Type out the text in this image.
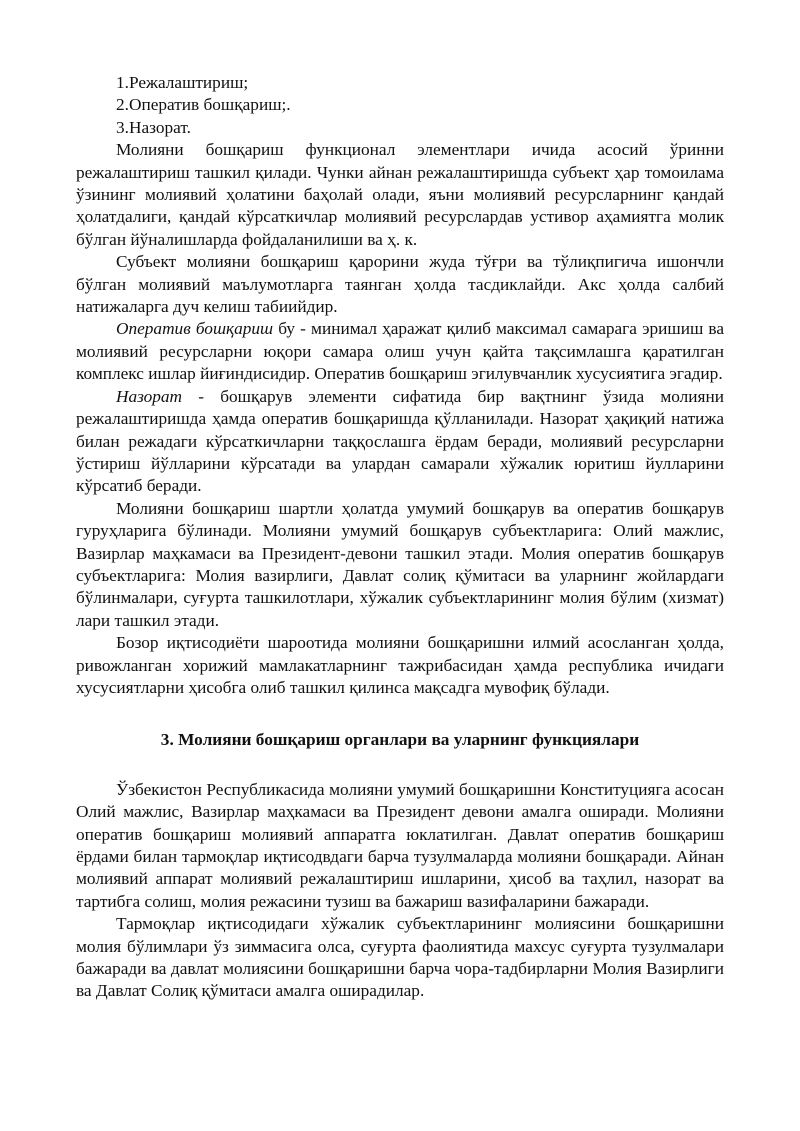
1.Режалаштириш;

2.Оператив бошқариш;.

3.Назорат.

Молияни бошқариш функционал элементлари ичида асосий ўринни режалаштириш ташкил қилади. Чунки айнан режалаштиришда субъект ҳар томоилама ўзининг молиявий ҳолатини баҳолай олади, яъни молиявий ресурсларнинг қандай ҳолатдалиги, қандай кўрсаткичлар молиявий ресурслардав устивор аҳамиятга молик бўлган йўналишларда фойдаланилиши ва ҳ. к.

Субъект молияни бошқариш қарорини жуда тўғри ва тўлиқпигича ишончли бўлган молиявий маълумотларга таянган ҳолда тасдиклайди. Акс ҳолда салбий натижаларга дуч келиш табиийдир.

Оператив бошқариш бу - минимал ҳаражат қилиб максимал самарага эришиш ва молиявий ресурсларни юқори самара олиш учун қайта тақсимлашга қаратилган комплекс ишлар йиғиндисидир. Оператив бошқариш эгилувчанлик хусусиятига эгадир.

Назорат - бошқарув элементи сифатида бир вақтнинг ўзида молияни режалаштиришда ҳамда оператив бошқаришда қўлланилади. Назорат ҳақиқий натижа билан режадаги кўрсаткичларни таққослашга ёрдам беради, молиявий ресурсларни ўстириш йўлларини кўрсатади ва улардан самарали хўжалик юритиш йулларини кўрсатиб беради.

Молияни бошқариш шартли ҳолатда умумий бошқарув ва оператив бошқарув гуруҳларига бўлинади. Молияни умумий бошқарув субъектларига: Олий мажлис, Вазирлар маҳкамаси ва Президент-девони ташкил этади. Молия оператив бошқарув субъектларига: Молия вазирлиги, Давлат солиқ қўмитаси ва уларнинг жойлардаги бўлинмалари, суғурта ташкилотлари, хўжалик субъектларининг молия бўлим (хизмат) лари ташкил этади.

Бозор иқтисодиёти шароотида молияни бошқаришни илмий асосланган ҳолда, ривожланган хорижий мамлакатларнинг тажрибасидан ҳамда республика ичидаги хусусиятларни ҳисобга олиб ташкил қилинса мақсадга мувофиқ бўлади.

3. Молияни бошқариш органлари ва уларнинг функциялари

Ўзбекистон Республикасида молияни умумий бошқаришни Конституцияга асосан Олий мажлис, Вазирлар маҳкамаси ва Президент девони амалга оширади. Молияни оператив бошқариш молиявий аппаратга юклатилган. Давлат оператив бошқариш ёрдами билан тармоқлар иқтисодвдаги барча тузулмаларда молияни бошқаради. Айнан молиявий аппарат молиявий режалаштириш ишларини, ҳисоб ва таҳлил, назорат ва тартибга солиш, молия режасини тузиш ва бажариш вазифаларини бажаради.

Тармоқлар иқтисодидаги хўжалик субъектларининг молиясини бошқаришни молия бўлимлари ўз зиммасига олса, суғурта фаолиятида махсус суғурта тузулмалари бажаради ва давлат молиясини бошқаришни барча чора-тадбирларни Молия Вазирлиги ва Давлат Солиқ қўмитаси амалга оширадилар.
